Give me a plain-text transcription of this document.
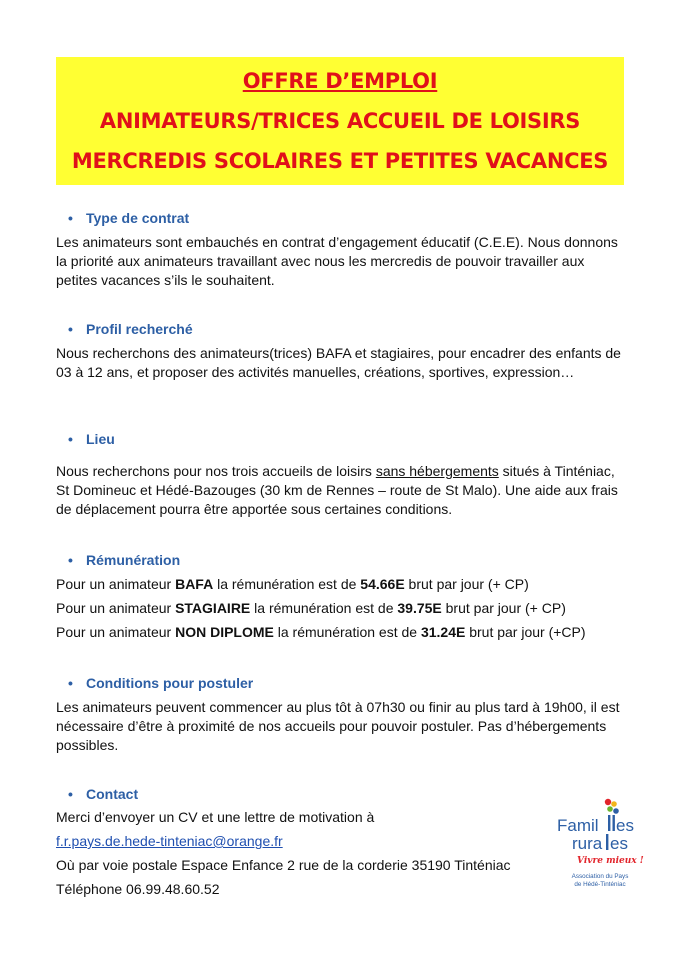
OFFRE D’EMPLOI
ANIMATEURS/TRICES ACCUEIL DE LOISIRS
MERCREDIS SCOLAIRES ET PETITES VACANCES
• Type de contrat
Les animateurs sont embauchés en contrat d’engagement éducatif (C.E.E). Nous donnons la priorité aux animateurs travaillant avec nous les mercredis de pouvoir travailler aux petites vacances s’ils le souhaitent.
• Profil recherché
Nous recherchons des animateurs(trices) BAFA et stagiaires, pour encadrer des enfants de 03 à 12 ans, et proposer des activités manuelles, créations, sportives, expression…
• Lieu
Nous recherchons pour nos trois accueils de loisirs sans hébergements situés à Tinténiac, St Domineuc et Hédé-Bazouges (30 km de Rennes – route de St Malo). Une aide aux frais de déplacement pourra être apportée sous certaines conditions.
• Rémunération
Pour un animateur BAFA la rémunération est de 54.66E brut par jour (+ CP)
Pour un animateur STAGIAIRE la rémunération est de 39.75E brut par jour (+ CP)
Pour un animateur NON DIPLOME la rémunération est de 31.24E brut par jour (+CP)
• Conditions pour postuler
Les animateurs peuvent commencer au plus tôt à 07h30 ou finir au plus tard à 19h00, il est nécessaire d’être à proximité de nos accueils pour pouvoir postuler. Pas d’hébergements possibles.
• Contact
Merci d’envoyer un CV et une lettre de motivation à
f.r.pays.de.hede-tinteniac@orange.fr
Où par voie postale Espace Enfance 2 rue de la corderie 35190 Tinténiac
Téléphone 06.99.48.60.52
Famil es
rura es
Vivre mieux !
Association du Pays
de Hédé-Tinténiac
